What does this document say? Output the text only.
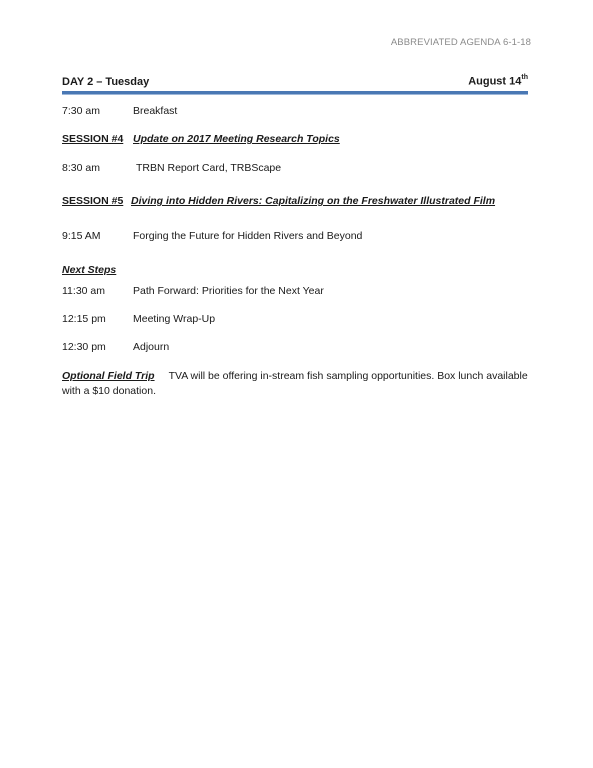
ABBREVIATED AGENDA 6-1-18
DAY 2 – Tuesday	August 14th
7:30 am	Breakfast
SESSION #4 Update on 2017 Meeting Research Topics
8:30 am	TRBN Report Card, TRBScape
SESSION #5 Diving into Hidden Rivers: Capitalizing on the Freshwater Illustrated Film
9:15 AM	Forging the Future for Hidden Rivers and Beyond
Next Steps
11:30 am	Path Forward: Priorities for the Next Year
12:15 pm	Meeting Wrap-Up
12:30 pm	Adjourn
Optional Field Trip TVA will be offering in-stream fish sampling opportunities. Box lunch available with a $10 donation.
